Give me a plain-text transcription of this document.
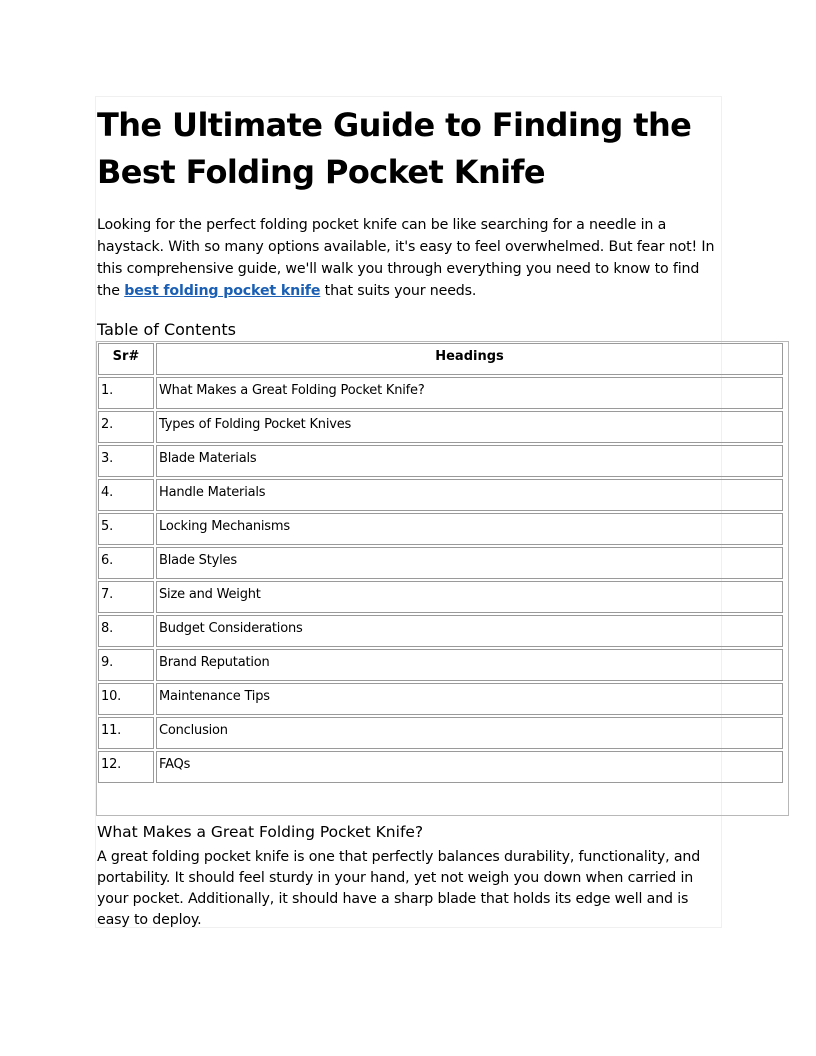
The Ultimate Guide to Finding the Best Folding Pocket Knife

Looking for the perfect folding pocket knife can be like searching for a needle in a haystack. With so many options available, it's easy to feel overwhelmed. But fear not! In this comprehensive guide, we'll walk you through everything you need to know to find the best folding pocket knife that suits your needs.

Table of Contents
What Makes a Great Folding Pocket Knife?

A great folding pocket knife is one that perfectly balances durability, functionality, and portability. It should feel sturdy in your hand, yet not weigh you down when carried in your pocket. Additionally, it should have a sharp blade that holds its edge well and is easy to deploy.

Sr#	Headings
1.	What Makes a Great Folding Pocket Knife?
2.	Types of Folding Pocket Knives
3.	Blade Materials
4.	Handle Materials
5.	Locking Mechanisms
6.	Blade Styles
7.	Size and Weight
8.	Budget Considerations
9.	Brand Reputation
10.	Maintenance Tips
11.	Conclusion
12.	FAQs
